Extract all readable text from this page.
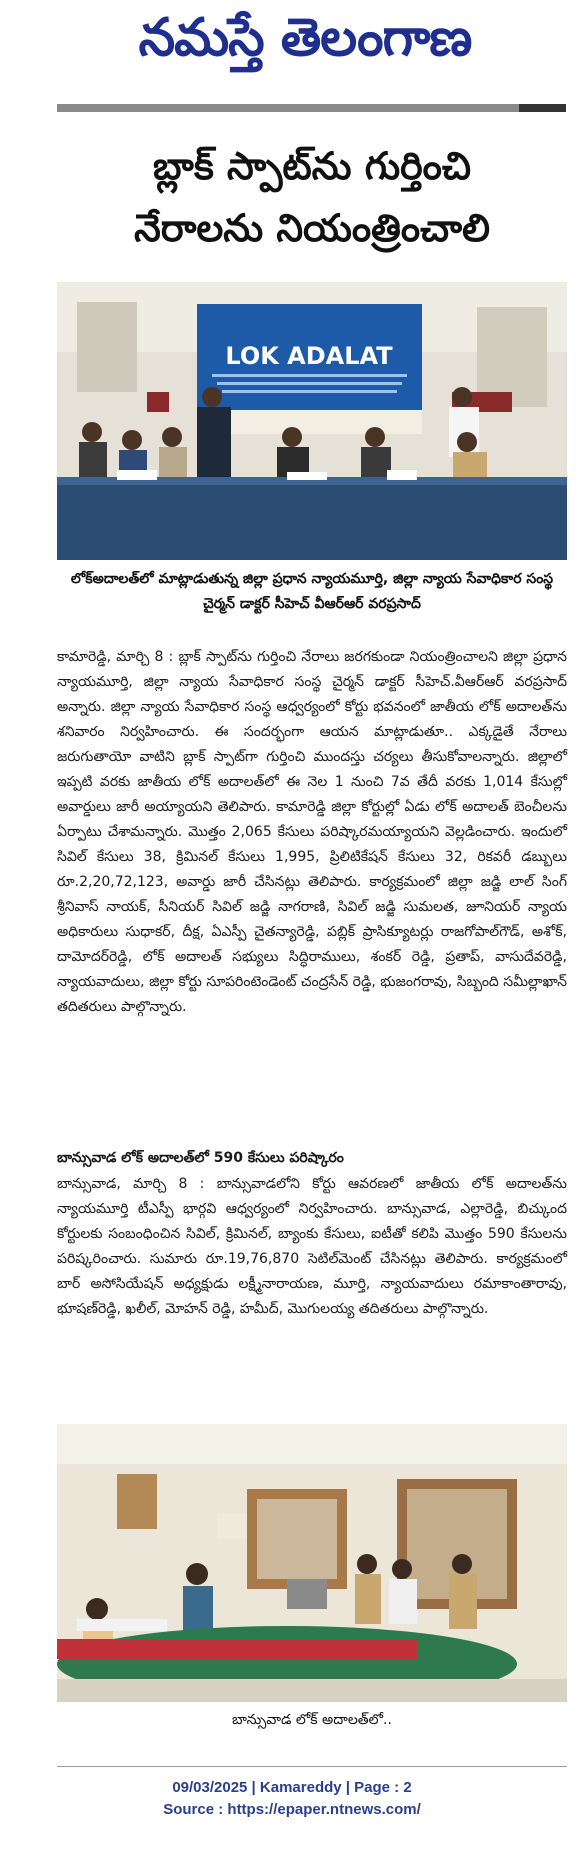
నమస్తే తెలంగాణ
బ్లాక్ స్పాట్‌ను గుర్తించి
నేరాలను నియంత్రించాలి
LOK ADALAT
లోక్‌అదాలత్‌లో మాట్లాడుతున్న జిల్లా ప్రధాన న్యాయమూర్తి, జిల్లా న్యాయ సేవాధికార సంస్థ చైర్మన్ డాక్టర్ సీహెచ్ వీఆర్ఆర్ వరప్రసాద్
కామారెడ్డి, మార్చి 8 : బ్లాక్ స్పాట్‌ను గుర్తించి నేరాలు జరగకుండా నియంత్రించాలని జిల్లా ప్రధాన న్యాయమూర్తి, జిల్లా న్యాయ సేవాధికార సంస్థ చైర్మన్ డాక్టర్ సీహెచ్.వీఆర్ఆర్ వరప్రసాద్ అన్నారు. జిల్లా న్యాయ సేవాధికార సంస్థ ఆధ్వర్యంలో కోర్టు భవనంలో జాతీయ లోక్ అదాలత్‌ను శనివారం నిర్వహించారు. ఈ సందర్భంగా ఆయన మాట్లాడుతూ.. ఎక్కడైతే నేరాలు జరుగుతాయో వాటిని బ్లాక్ స్పాట్‌గా గుర్తించి ముందస్తు చర్యలు తీసుకోవాలన్నారు. జిల్లాలో ఇప్పటి వరకు జాతీయ లోక్ అదాలత్‌లో ఈ నెల 1 నుంచి 7వ తేదీ వరకు 1,014 కేసుల్లో అవార్డులు జారీ అయ్యాయని తెలిపారు. కామారెడ్డి జిల్లా కోర్టుల్లో ఏడు లోక్ అదాలత్ బెంచీలను ఏర్పాటు చేశామన్నారు. మొత్తం 2,065 కేసులు పరిష్కారమయ్యాయని వెల్లడించారు. ఇందులో సివిల్ కేసులు 38, క్రిమినల్ కేసులు 1,995, ప్రిలిటికేషన్ కేసులు 32, రికవరీ డబ్బులు రూ.2,20,72,123, అవార్డు జారీ చేసినట్లు తెలిపారు. కార్యక్రమంలో జిల్లా జడ్జి లాల్ సింగ్ శ్రీనివాస్ నాయక్, సీనియర్ సివిల్ జడ్జి నాగరాణి, సివిల్ జడ్జి సుమలత, జూనియర్ న్యాయ అధికారులు సుధాకర్, దీక్ష, ఏఎస్పీ చైతన్యారెడ్డి, పబ్లిక్ ప్రాసిక్యూటర్లు రాజగోపాల్‌గౌడ్, అశోక్, దామోదర్‌రెడ్డి, లోక్ అదాలత్ సభ్యులు సిద్ధిరాములు, శంకర్ రెడ్డి, ప్రతాప్, వాసుదేవరెడ్డి, న్యాయవాదులు, జిల్లా కోర్టు సూపరింటెండెంట్ చంద్రసేన్ రెడ్డి, భుజంగరావు, సిబ్బంది సమీల్లాఖాన్ తదితరులు పాల్గొన్నారు.
బాన్సువాడ లోక్ అదాలత్‌లో 590 కేసులు పరిష్కారం
బాన్సువాడ, మార్చి 8 : బాన్సువాడలోని కోర్టు ఆవరణలో జాతీయ లోక్ అదాలత్‌ను న్యాయమూర్తి టీఎస్పీ భార్గవి ఆధ్వర్యంలో నిర్వహించారు. బాన్సువాడ, ఎల్లారెడ్డి, బిచ్కుంద కోర్టులకు సంబంధించిన సివిల్, క్రిమినల్, బ్యాంకు కేసులు, ఐటీతో కలిపి మొత్తం 590 కేసులను పరిష్కరించారు. సుమారు రూ.19,76,870 సెటిల్‌మెంట్ చేసినట్లు తెలిపారు. కార్యక్రమంలో బార్ అసోసియేషన్ అధ్యక్షుడు లక్ష్మీనారాయణ, మూర్తి, న్యాయవాదులు రమాకాంతారావు, భూషణ్‌రెడ్డి, ఖలీల్, మోహన్ రెడ్డి, హమీద్, మొగులయ్య తదితరులు పాల్గొన్నారు.
బాన్సువాడ లోక్ అదాలత్‌లో..
09/03/2025 | Kamareddy | Page : 2
Source : https://epaper.ntnews.com/
